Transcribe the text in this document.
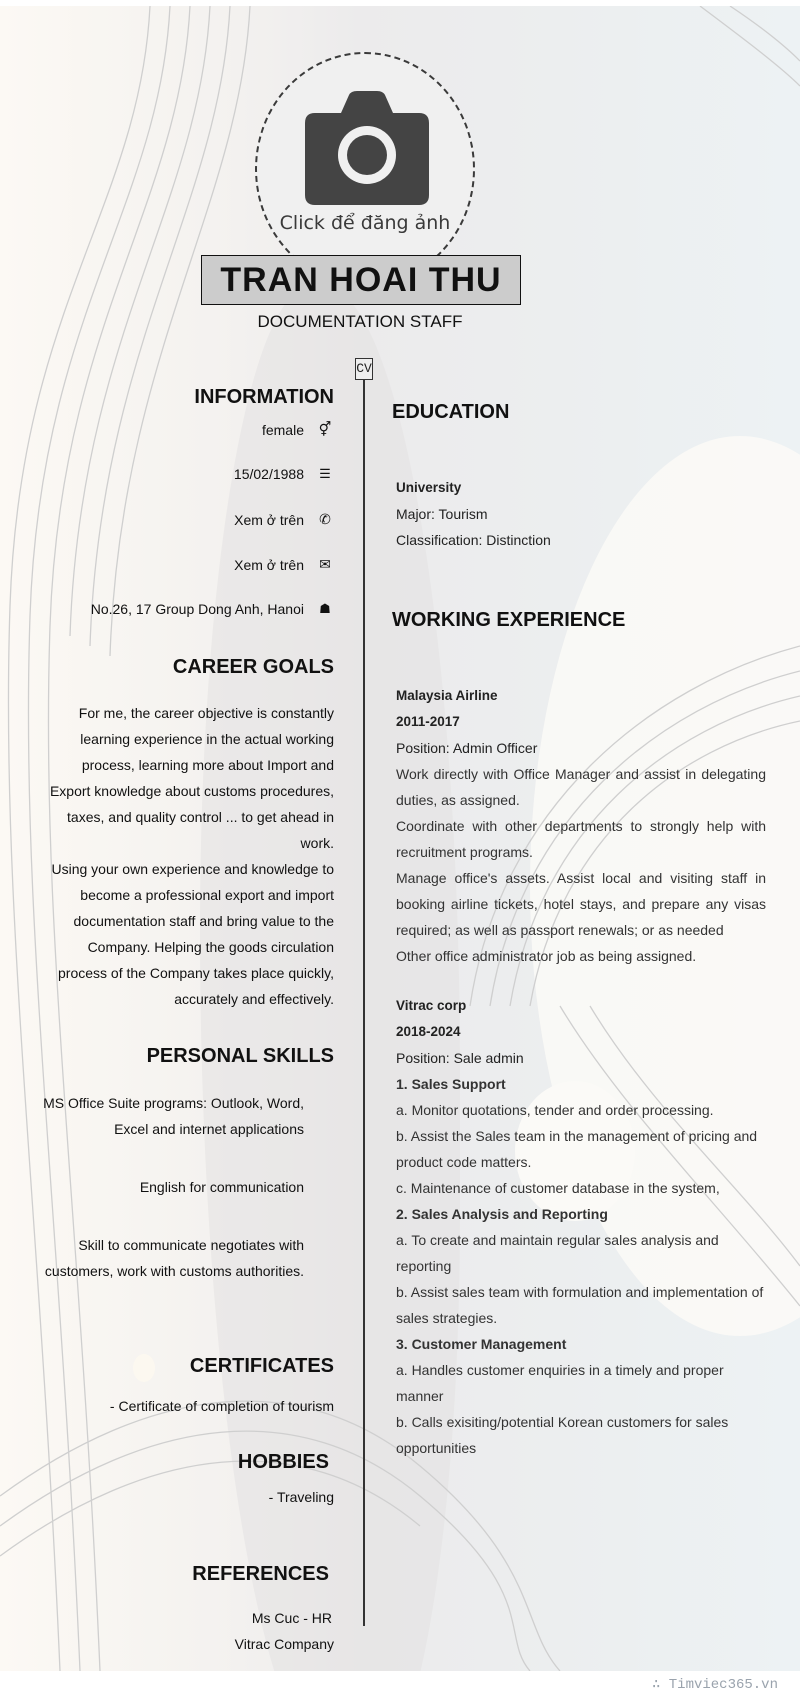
Click để đăng ảnh
TRAN HOAI THU
DOCUMENTATION STAFF
CV
INFORMATION
female ⚥
15/02/1988 ☰
Xem ở trên ✆
Xem ở trên ✉
No.26, 17 Group Dong Anh, Hanoi ☗
CAREER GOALS
For me, the career objective is constantly learning experience in the actual working process, learning more about Import and Export knowledge about customs procedures, taxes, and quality control ... to get ahead in work.
Using your own experience and knowledge to become a professional export and import documentation staff and bring value to the Company. Helping the goods circulation process of the Company takes place quickly, accurately and effectively.
PERSONAL SKILLS
MS Office Suite programs: Outlook, Word, Excel and internet applications
English for communication
Skill to communicate negotiates with customers, work with customs authorities.
CERTIFICATES
- Certificate of completion of tourism
HOBBIES
- Traveling
REFERENCES
Ms Cuc - HR
Vitrac Company
EDUCATION
University
Major: Tourism
Classification: Distinction
WORKING EXPERIENCE
Malaysia Airline
2011-2017
Position: Admin Officer
Work directly with Office Manager and assist in delegating duties, as assigned.
Coordinate with other departments to strongly help with recruitment programs.
Manage office's assets. Assist local and visiting staff in booking airline tickets, hotel stays, and prepare any visas required; as well as passport renewals; or as needed
Other office administrator job as being assigned.
Vitrac corp
2018-2024
Position: Sale admin
1. Sales Support
a. Monitor quotations, tender and order processing.
b. Assist the Sales team in the management of pricing and product code matters.
c. Maintenance of customer database in the system,
2. Sales Analysis and Reporting
a. To create and maintain regular sales analysis and reporting
b. Assist sales team with formulation and implementation of sales strategies.
3. Customer Management
a. Handles customer enquiries in a timely and proper manner
b. Calls exisiting/potential Korean customers for sales opportunities
∴ Timviec365.vn
